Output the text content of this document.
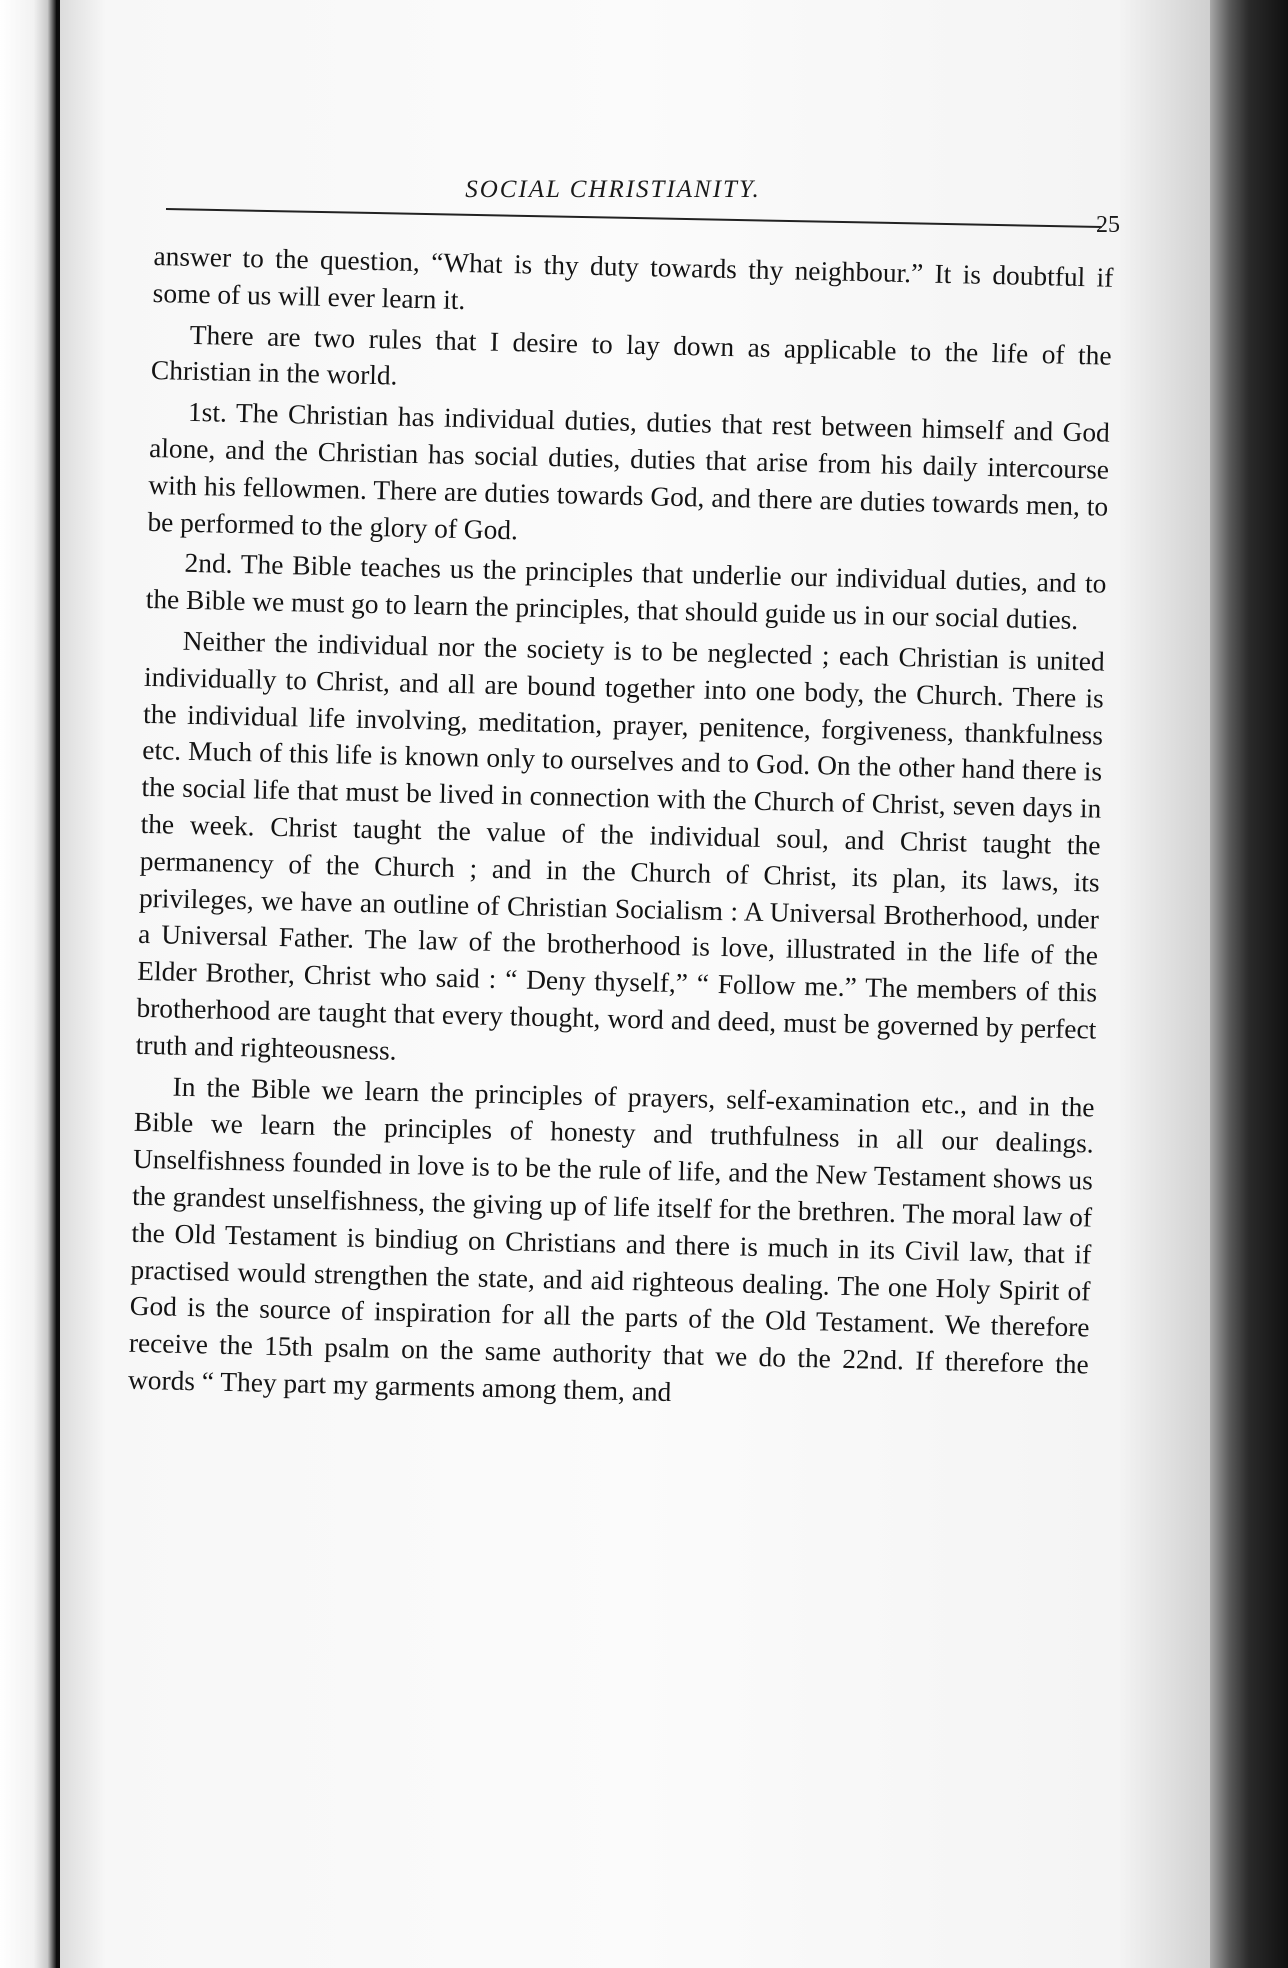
SOCIAL CHRISTIANITY.
25

answer to the question, “What is thy duty towards thy neighbour.” It is doubtful if some of us will ever learn it.

There are two rules that I desire to lay down as applicable to the life of the Christian in the world.

1st. The Christian has individual duties, duties that rest between himself and God alone, and the Christian has social duties, duties that arise from his daily intercourse with his fellowmen. There are duties towards God, and there are duties towards men, to be performed to the glory of God.

2nd. The Bible teaches us the principles that underlie our individual duties, and to the Bible we must go to learn the principles, that should guide us in our social duties.

Neither the individual nor the society is to be neglected ; each Christian is united individually to Christ, and all are bound together into one body, the Church. There is the individual life involving, meditation, prayer, penitence, forgiveness, thankfulness etc. Much of this life is known only to ourselves and to God. On the other hand there is the social life that must be lived in connection with the Church of Christ, seven days in the week. Christ taught the value of the individual soul, and Christ taught the permanency of the Church ; and in the Church of Christ, its plan, its laws, its privileges, we have an outline of Christian Socialism : A Universal Brotherhood, under a Universal Father. The law of the brotherhood is love, illustrated in the life of the Elder Brother, Christ who said : “ Deny thyself,” “ Follow me.” The members of this brotherhood are taught that every thought, word and deed, must be governed by perfect truth and righteousness.

In the Bible we learn the principles of prayers, self-examination etc., and in the Bible we learn the principles of honesty and truthfulness in all our dealings. Unselfishness founded in love is to be the rule of life, and the New Testament shows us the grandest unselfishness, the giving up of life itself for the brethren. The moral law of the Old Testament is bindiug on Christians and there is much in its Civil law, that if practised would strengthen the state, and aid righteous dealing. The one Holy Spirit of God is the source of inspiration for all the parts of the Old Testament. We therefore receive the 15th psalm on the same authority that we do the 22nd. If therefore the words “ They part my garments among them, and
